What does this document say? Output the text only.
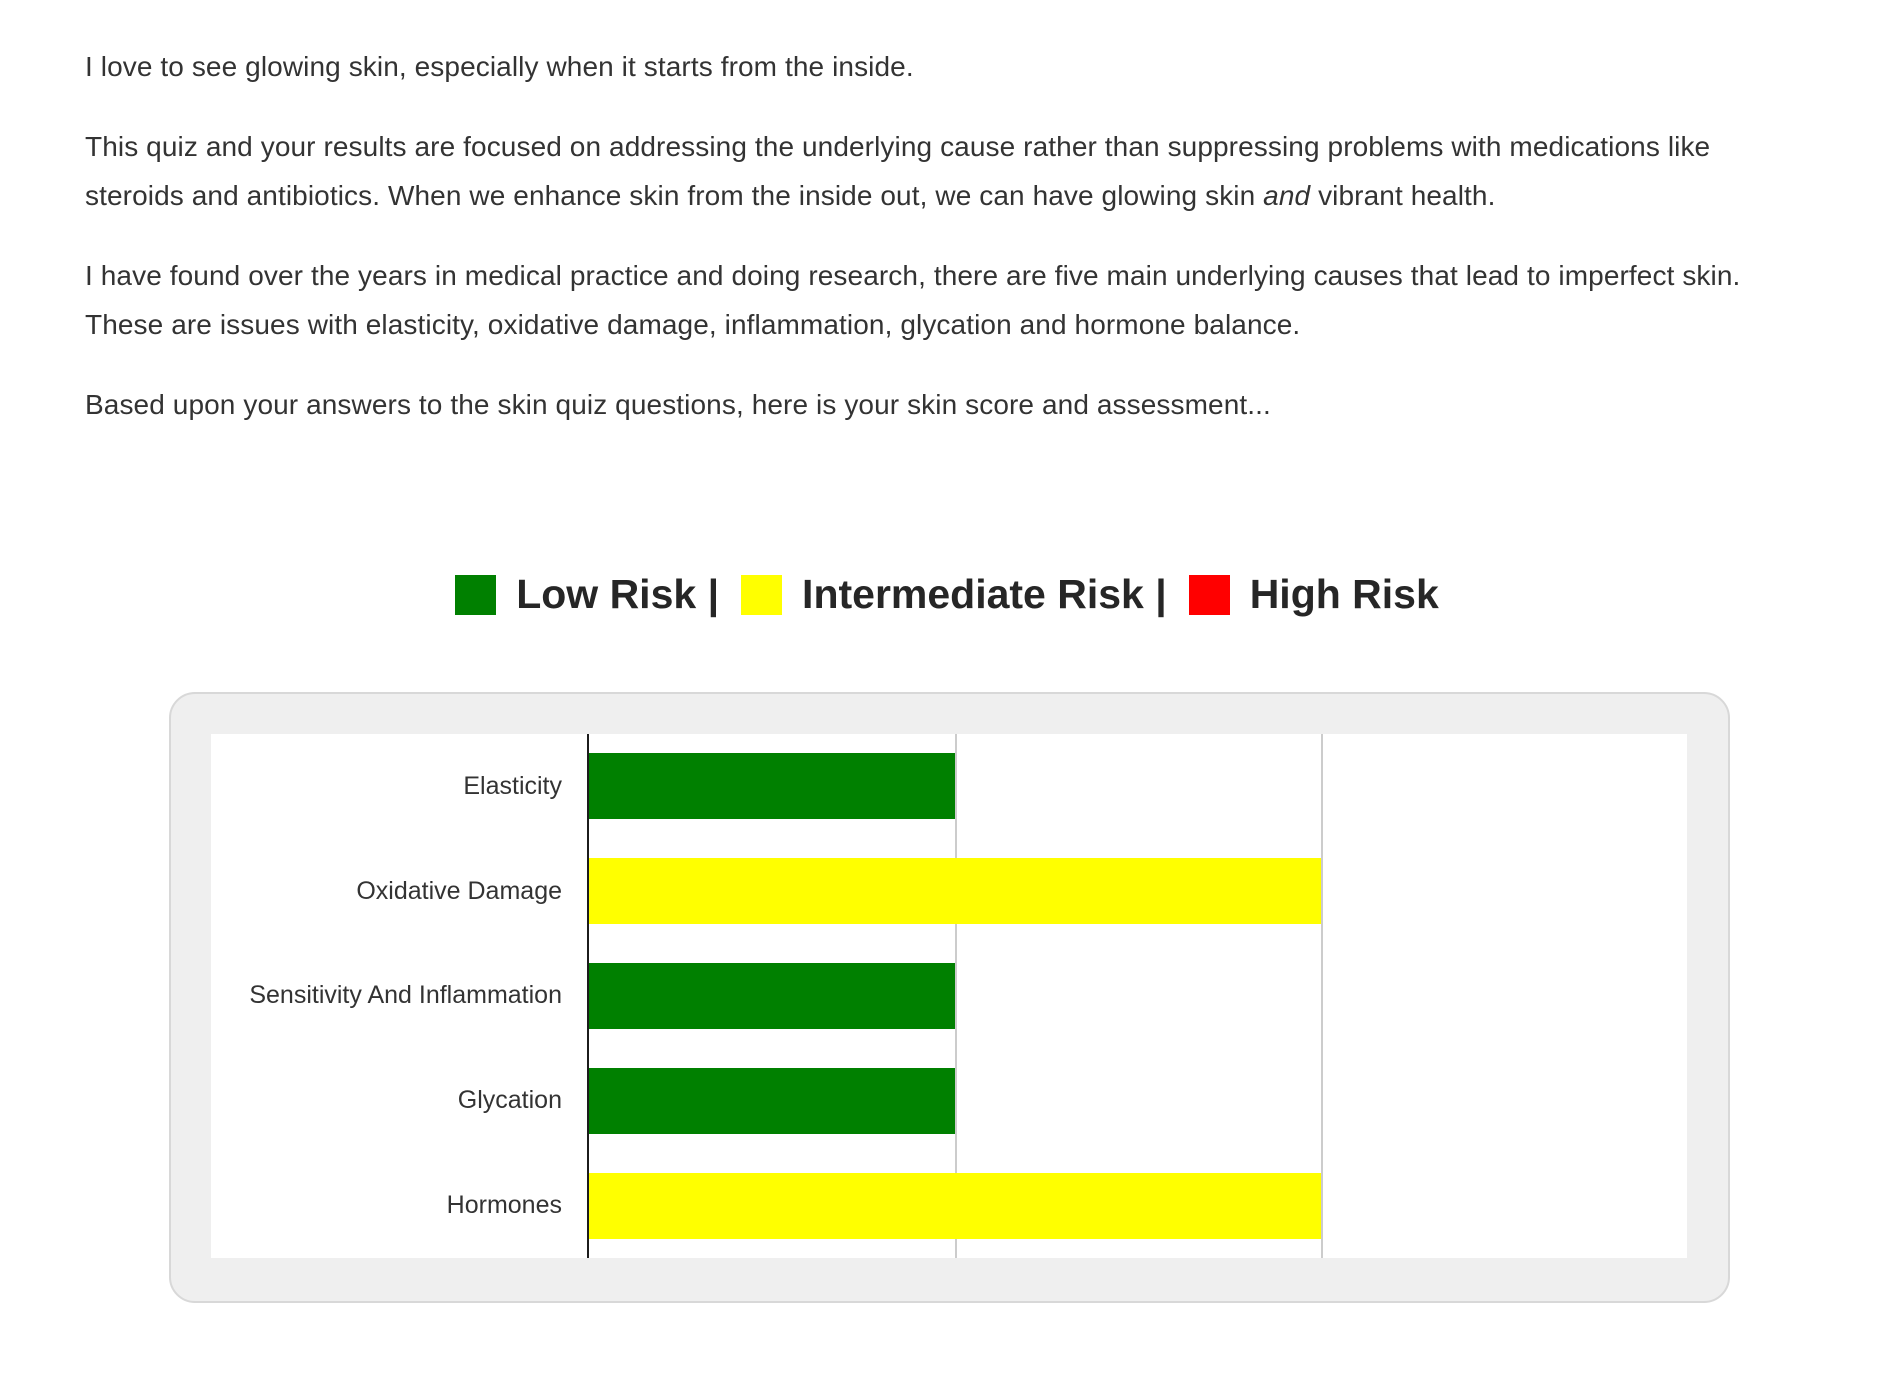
I love to see glowing skin, especially when it starts from the inside.

This quiz and your results are focused on addressing the underlying cause rather than suppressing problems with medications like steroids and antibiotics. When we enhance skin from the inside out, we can have glowing skin and vibrant health.

I have found over the years in medical practice and doing research, there are five main underlying causes that lead to imperfect skin. These are issues with elasticity, oxidative damage, inflammation, glycation and hormone balance.

Based upon your answers to the skin quiz questions, here is your skin score and assessment...

Low Risk | Intermediate Risk | High Risk
Elasticity
Oxidative Damage
Sensitivity And Inflammation
Glycation
Hormones
